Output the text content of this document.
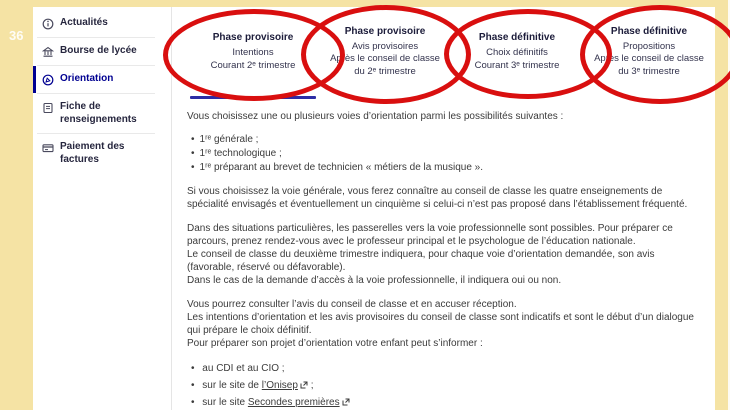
36
Actualités
Bourse de lycée
Orientation
Fiche de renseignements
Paiement des factures
Phase provisoire
Intentions
Courant 2ᵉ trimestre
Phase provisoire
Avis provisoires
Après le conseil de classe du 2ᵉ trimestre
Phase définitive
Choix définitifs
Courant 3ᵉ trimestre
Phase définitive
Propositions
Après le conseil de classe du 3ᵉ trimestre

Vous choisissez une ou plusieurs voies d’orientation parmi les possibilités suivantes :

• 1ʳᵉ générale ;
• 1ʳᵉ technologique ;
• 1ʳᵉ préparant au brevet de technicien « métiers de la musique ».

Si vous choisissez la voie générale, vous ferez connaître au conseil de classe les quatre enseignements de spécialité envisagés et éventuellement un cinquième si celui-ci n’est pas proposé dans l’établissement fréquenté.

Dans des situations particulières, les passerelles vers la voie professionnelle sont possibles. Pour préparer ce parcours, prenez rendez-vous avec le professeur principal et le psychologue de l’éducation nationale.
Le conseil de classe du deuxième trimestre indiquera, pour chaque voie d’orientation demandée, son avis (favorable, réservé ou défavorable).
Dans le cas de la demande d’accès à la voie professionnelle, il indiquera oui ou non.
Vous pourrez consulter l’avis du conseil de classe et en accuser réception.
Les intentions d’orientation et les avis provisoires du conseil de classe sont indicatifs et sont le début d’un dialogue qui prépare le choix définitif.
Pour préparer son projet d’orientation votre enfant peut s’informer :
• au CDI et au CIO ;
• sur le site de l’Onisep ;
• sur le site Secondes premières
